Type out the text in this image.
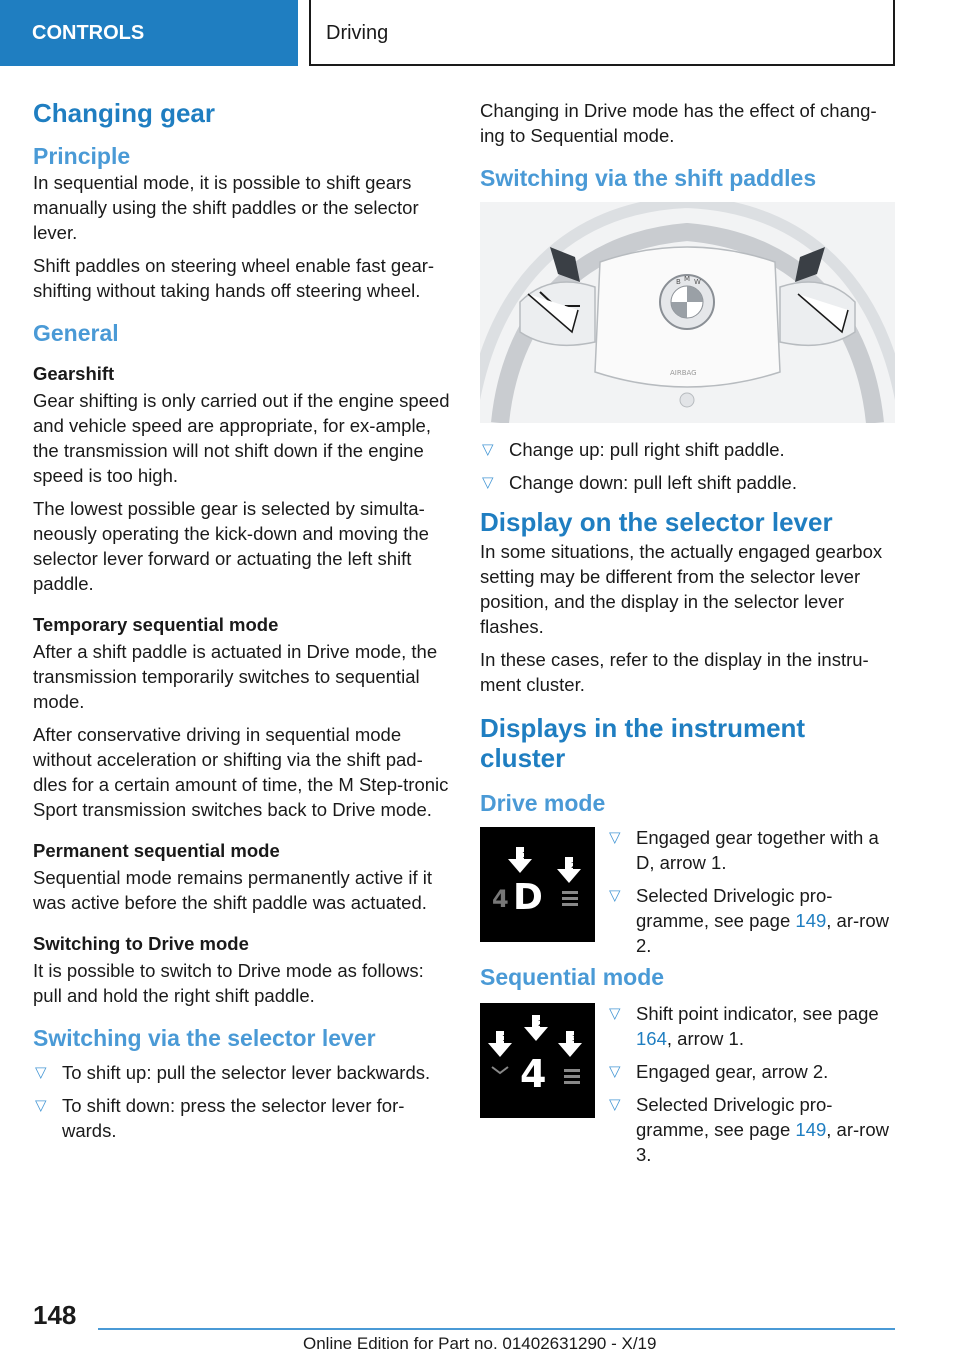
CONTROLS	Driving
Changing gear
Principle

In sequential mode, it is possible to shift gears manually using the shift paddles or the selector lever.

Shift paddles on steering wheel enable fast gear-shifting without taking hands off steering wheel.

General
Gearshift

Gear shifting is only carried out if the engine speed and vehicle speed are appropriate, for ex-ample, the transmission will not shift down if the engine speed is too high.

The lowest possible gear is selected by simulta-neously operating the kick-down and moving the selector lever forward or actuating the left shift paddle.

Temporary sequential mode

After a shift paddle is actuated in Drive mode, the transmission temporarily switches to sequential mode.

After conservative driving in sequential mode without acceleration or shifting via the shift pad-dles for a certain amount of time, the M Step-tronic Sport transmission switches back to Drive mode.

Permanent sequential mode

Sequential mode remains permanently active if it was active before the shift paddle was actuated.

Switching to Drive mode

It is possible to switch to Drive mode as follows: pull and hold the right shift paddle.

Switching via the selector lever
▽ To shift up: pull the selector lever backwards.
▽ To shift down: press the selector lever for-wards.

Changing in Drive mode has the effect of chang-ing to Sequential mode.

Switching via the shift paddles
B M W
AIRBAG
▽ Change up: pull right shift paddle.
▽ Change down: pull left shift paddle.
Display on the selector lever

In some situations, the actually engaged gearbox setting may be different from the selector lever position, and the display in the selector lever flashes.

In these cases, refer to the display in the instru-ment cluster.

Displays in the instrument cluster
Drive mode
1
2
4 D
▽ Engaged gear together with a D, arrow 1.
▽ Selected Drivelogic pro-gramme, see page 149, ar-row 2.
Sequential mode
1
2
3
4
▽ Shift point indicator, see page 164, arrow 1.
▽ Engaged gear, arrow 2.
▽ Selected Drivelogic pro-gramme, see page 149, ar-row 3.
148
Online Edition for Part no. 01402631290 - X/19
